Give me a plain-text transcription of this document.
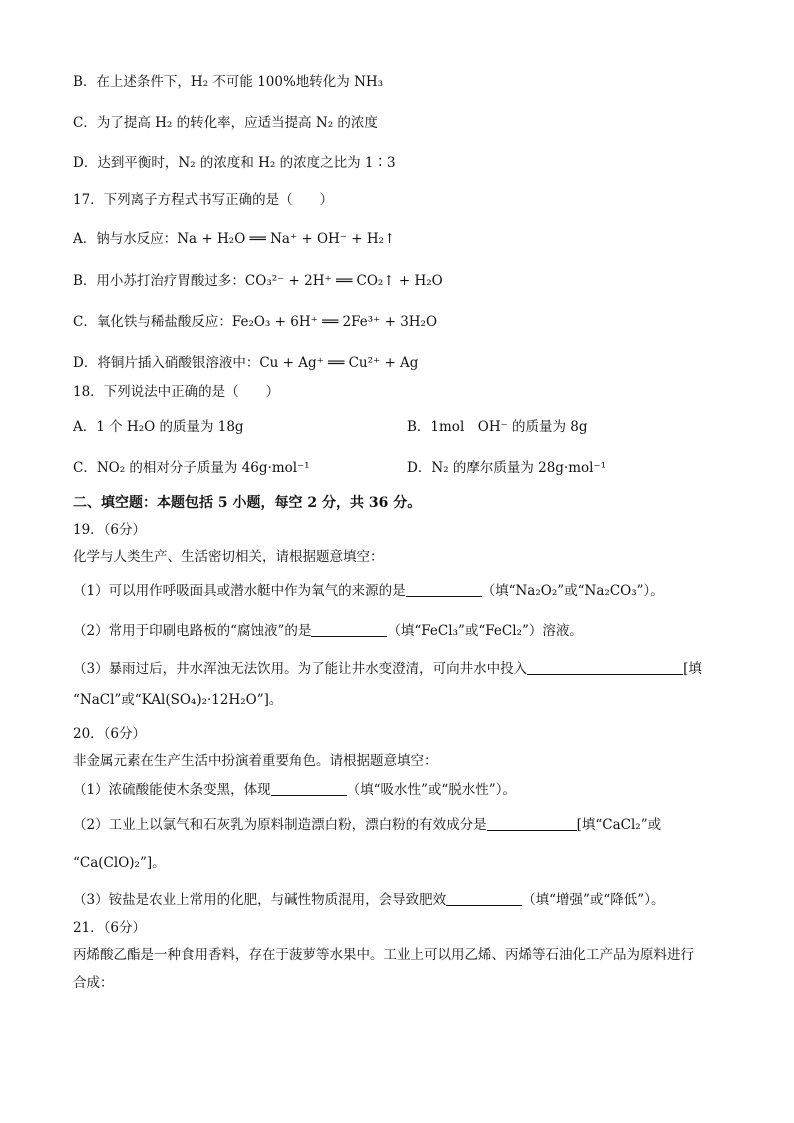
B．在上述条件下，H₂ 不可能 100%地转化为 NH₃
C．为了提高 H₂ 的转化率，应适当提高 N₂ 的浓度
D．达到平衡时，N₂ 的浓度和 H₂ 的浓度之比为 1∶3
17．下列离子方程式书写正确的是（　　）
A．钠与水反应：Na + H₂O ══ Na⁺ + OH⁻ + H₂↑
B．用小苏打治疗胃酸过多：CO₃²⁻ + 2H⁺ ══ CO₂↑ + H₂O
C．氧化铁与稀盐酸反应：Fe₂O₃ + 6H⁺ ══ 2Fe³⁺ + 3H₂O
D．将铜片插入硝酸银溶液中：Cu + Ag⁺ ══ Cu²⁺ + Ag
18．下列说法中正确的是（　　）
A．1 个 H₂O 的质量为 18g	B．1mol　OH⁻ 的质量为 8g
C．NO₂ 的相对分子质量为 46g·mol⁻¹	D．N₂ 的摩尔质量为 28g·mol⁻¹
二、填空题：本题包括 5 小题，每空 2 分，共 36 分。
19．（6分）
化学与人类生产、生活密切相关，请根据题意填空：
（1）可以用作呼吸面具或潜水艇中作为氧气的来源的是	（填“Na₂O₂”或“Na₂CO₃”）。
（2）常用于印刷电路板的“腐蚀液”的是	（填“FeCl₃”或“FeCl₂”）溶液。
（3）暴雨过后，井水浑浊无法饮用。为了能让井水变澄清，可向井水中投入	[填
“NaCl”或“KAl(SO₄)₂·12H₂O”]。
20．（6分）
非金属元素在生产生活中扮演着重要角色。请根据题意填空：
（1）浓硫酸能使木条变黑，体现	（填“吸水性”或“脱水性”）。
（2）工业上以氯气和石灰乳为原料制造漂白粉，漂白粉的有效成分是	[填“CaCl₂”或
“Ca(ClO)₂”]。
（3）铵盐是农业上常用的化肥，与碱性物质混用，会导致肥效	（填“增强”或“降低”）。
21．（6分）
丙烯酸乙酯是一种食用香料，存在于菠萝等水果中。工业上可以用乙烯、丙烯等石油化工产品为原料进行
合成：
